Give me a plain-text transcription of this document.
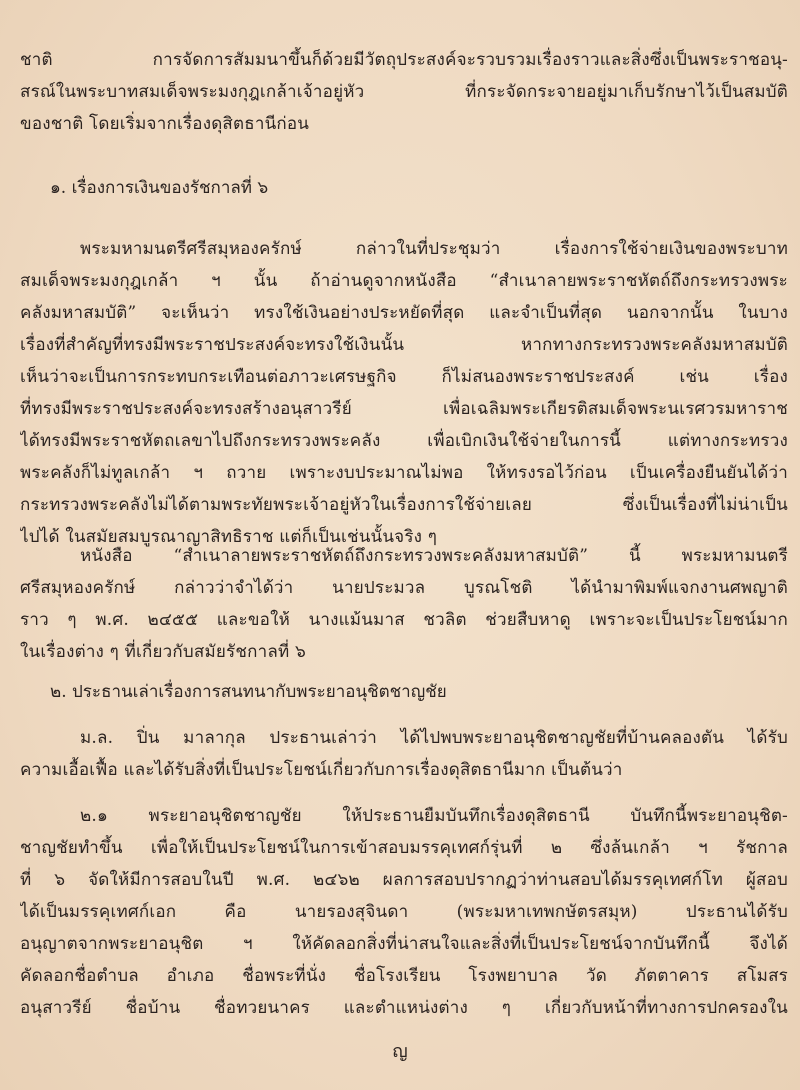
ชาติ การจัดการสัมมนาขึ้นก็ด้วยมีวัตถุประสงค์จะรวบรวมเรื่องราวและสิ่งซึ่งเป็นพระราชอนุ-
สรณ์ในพระบาทสมเด็จพระมงกุฎเกล้าเจ้าอยู่หัว ที่กระจัดกระจายอยู่มาเก็บรักษาไว้เป็นสมบัติ
ของชาติ โดยเริ่มจากเรื่องดุสิตธานีก่อน
๑. เรื่องการเงินของรัชกาลที่ ๖
พระมหามนตรีศรีสมุหองครักษ์ กล่าวในที่ประชุมว่า เรื่องการใช้จ่ายเงินของพระบาท
สมเด็จพระมงกุฎเกล้า ฯ นั้น ถ้าอ่านดูจากหนังสือ “สำเนาลายพระราชหัตถ์ถึงกระทรวงพระ
คลังมหาสมบัติ” จะเห็นว่า ทรงใช้เงินอย่างประหยัดที่สุด และจำเป็นที่สุด นอกจากนั้น ในบาง
เรื่องที่สำคัญที่ทรงมีพระราชประสงค์จะทรงใช้เงินนั้น หากทางกระทรวงพระคลังมหาสมบัติ
เห็นว่าจะเป็นการกระทบกระเทือนต่อภาวะเศรษฐกิจ ก็ไม่สนองพระราชประสงค์ เช่น เรื่อง
ที่ทรงมีพระราชประสงค์จะทรงสร้างอนุสาวรีย์ เพื่อเฉลิมพระเกียรติสมเด็จพระนเรศวรมหาราช
ได้ทรงมีพระราชหัตถเลขาไปถึงกระทรวงพระคลัง เพื่อเบิกเงินใช้จ่ายในการนี้ แต่ทางกระทรวง
พระคลังก็ไม่ทูลเกล้า ฯ ถวาย เพราะงบประมาณไม่พอ ให้ทรงรอไว้ก่อน เป็นเครื่องยืนยันได้ว่า
กระทรวงพระคลังไม่ได้ตามพระทัยพระเจ้าอยู่หัวในเรื่องการใช้จ่ายเลย ซึ่งเป็นเรื่องที่ไม่น่าเป็น
ไปได้ ในสมัยสมบูรณาญาสิทธิราช แต่ก็เป็นเช่นนั้นจริง ๆ
หนังสือ “สำเนาลายพระราชหัตถ์ถึงกระทรวงพระคลังมหาสมบัติ” นี้ พระมหามนตรี
ศรีสมุหองครักษ์ กล่าวว่าจำได้ว่า นายประมวล บูรณโชติ ได้นำมาพิมพ์แจกงานศพญาติ
ราว ๆ พ.ศ. ๒๔๕๕ และขอให้ นางแม้นมาส ชวลิต ช่วยสืบหาดู เพราะจะเป็นประโยชน์มาก
ในเรื่องต่าง ๆ ที่เกี่ยวกับสมัยรัชกาลที่ ๖
๒. ประธานเล่าเรื่องการสนทนากับพระยาอนุชิตชาญชัย
ม.ล. ปิ่น มาลากุล ประธานเล่าว่า ได้ไปพบพระยาอนุชิตชาญชัยที่บ้านคลองตัน ได้รับ
ความเอื้อเฟื้อ และได้รับสิ่งที่เป็นประโยชน์เกี่ยวกับการเรื่องดุสิตธานีมาก เป็นต้นว่า
๒.๑ พระยาอนุชิตชาญชัย ให้ประธานยืมบันทึกเรื่องดุสิตธานี บันทึกนี้พระยาอนุชิต-
ชาญชัยทำขึ้น เพื่อให้เป็นประโยชน์ในการเข้าสอบมรรคุเทศก์รุ่นที่ ๒ ซึ่งล้นเกล้า ฯ รัชกาล
ที่ ๖ จัดให้มีการสอบในปี พ.ศ. ๒๔๖๒ ผลการสอบปรากฏว่าท่านสอบได้มรรคุเทศก์โท ผู้สอบ
ได้เป็นมรรคุเทศก์เอก คือ นายรองสุจินดา (พระมหาเทพกษัตรสมุห) ประธานได้รับ
อนุญาตจากพระยาอนุชิต ฯ ให้คัดลอกสิ่งที่น่าสนใจและสิ่งที่เป็นประโยชน์จากบันทึกนี้ จึงได้
คัดลอกชื่อตำบล อำเภอ ชื่อพระที่นั่ง ชื่อโรงเรียน โรงพยาบาล วัด ภัตตาคาร สโมสร
อนุสาวรีย์ ชื่อบ้าน ชื่อทวยนาคร และตำแหน่งต่าง ๆ เกี่ยวกับหน้าที่ทางการปกครองใน
ญ
